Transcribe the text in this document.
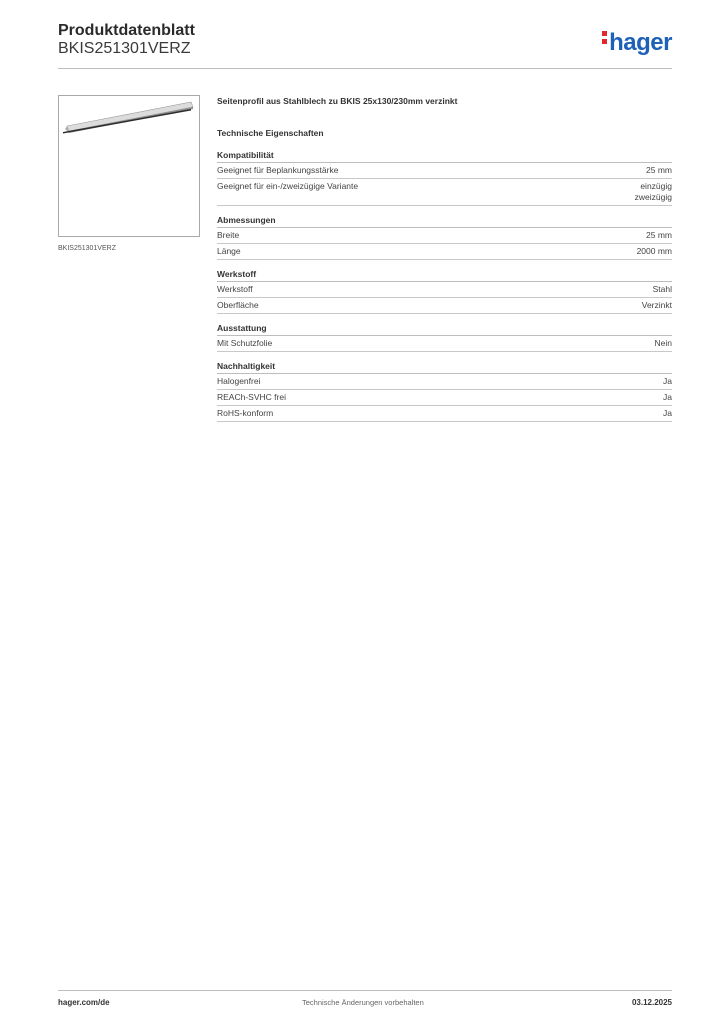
Produktdatenblatt
BKIS251301VERZ	hager
BKIS251301VERZ
Seitenprofil aus Stahlblech zu BKIS 25x130/230mm verzinkt
Technische Eigenschaften
Kompatibilität
Geeignet für Beplankungsstärke	25 mm
Geeignet für ein-/zweizügige Variante	einzügig
zweizügig
Abmessungen
Breite	25 mm
Länge	2000 mm
Werkstoff
Werkstoff	Stahl
Oberfläche	Verzinkt
Ausstattung
Mit Schutzfolie	Nein
Nachhaltigkeit
Halogenfrei	Ja
REACh-SVHC frei	Ja
RoHS-konform	Ja
hager.com/de	Technische Änderungen vorbehalten	03.12.2025
